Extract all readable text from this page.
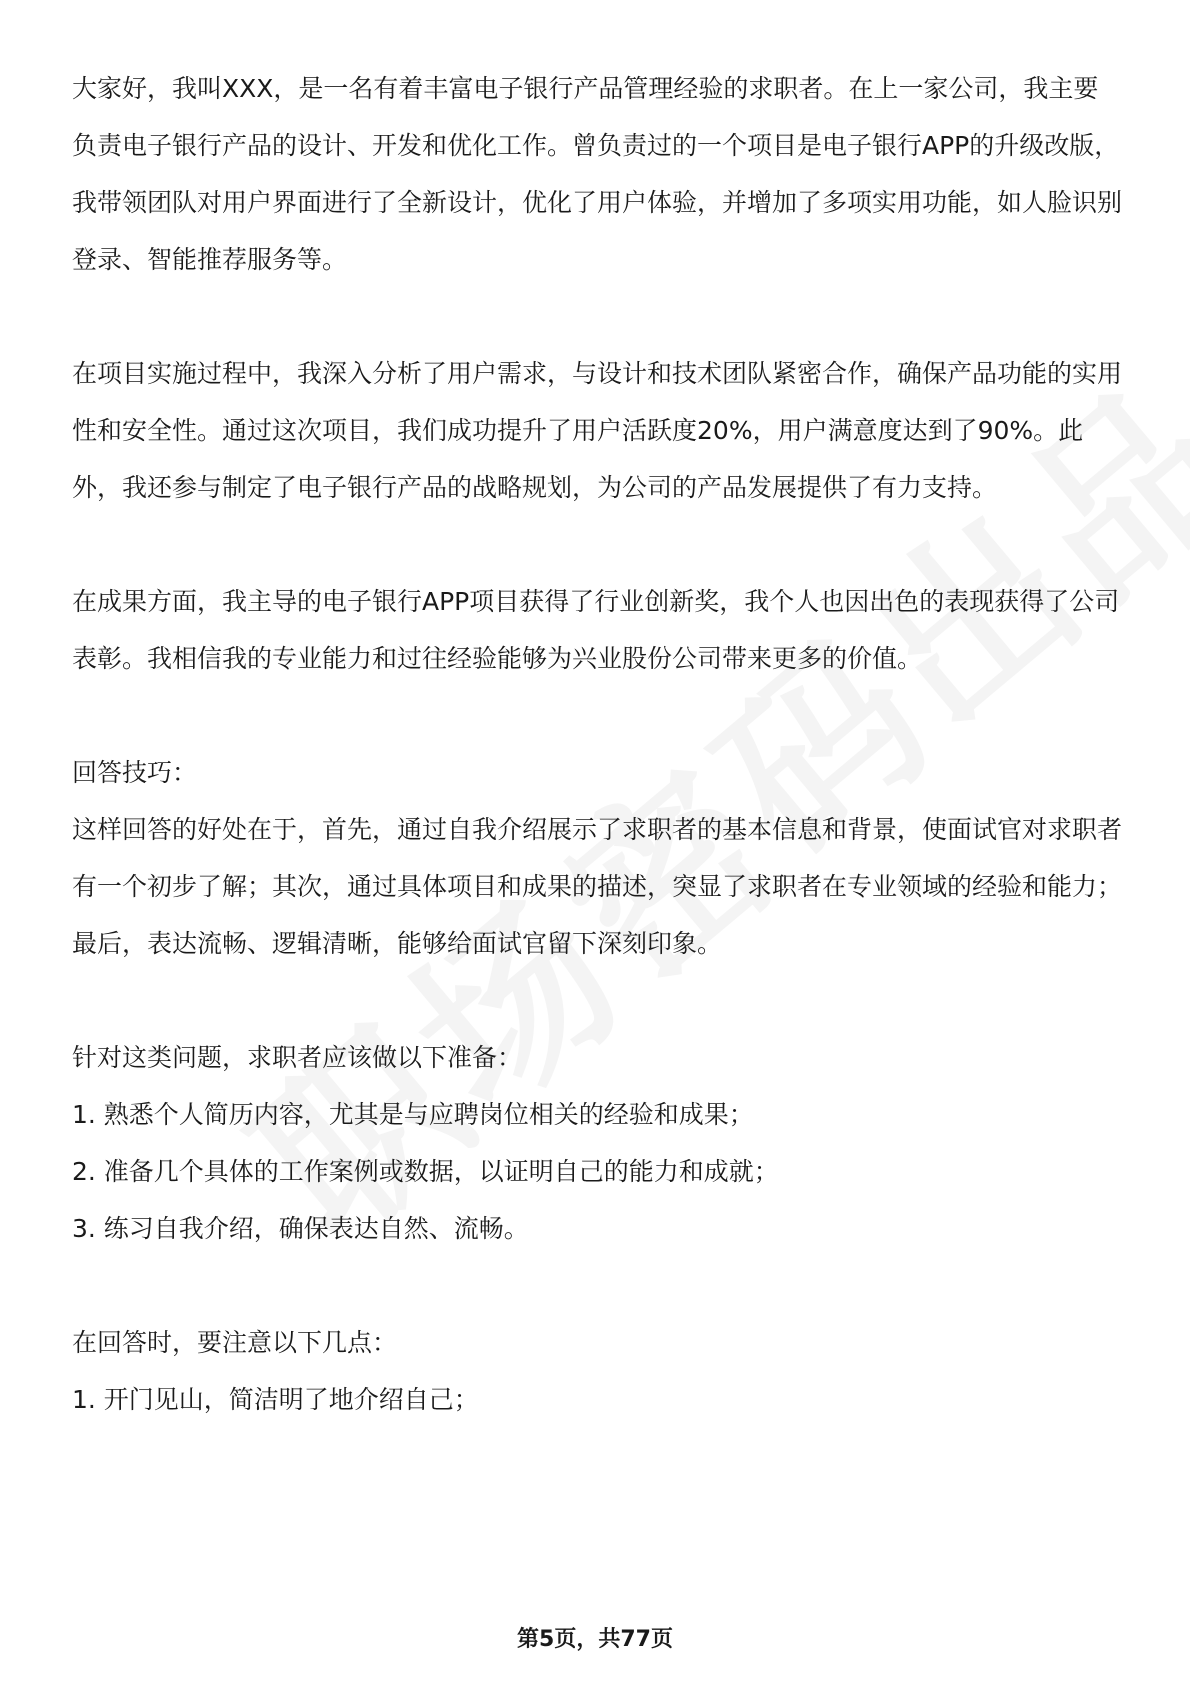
大家好，我叫XXX，是一名有着丰富电子银行产品管理经验的求职者。在上一家公司，我主要负责电子银行产品的设计、开发和优化工作。曾负责过的一个项目是电子银行APP的升级改版，我带领团队对用户界面进行了全新设计，优化了用户体验，并增加了多项实用功能，如人脸识别登录、智能推荐服务等。

在项目实施过程中，我深入分析了用户需求，与设计和技术团队紧密合作，确保产品功能的实用性和安全性。通过这次项目，我们成功提升了用户活跃度20%，用户满意度达到了90%。此外，我还参与制定了电子银行产品的战略规划，为公司的产品发展提供了有力支持。

在成果方面，我主导的电子银行APP项目获得了行业创新奖，我个人也因出色的表现获得了公司表彰。我相信我的专业能力和过往经验能够为兴业股份公司带来更多的价值。

回答技巧：

这样回答的好处在于，首先，通过自我介绍展示了求职者的基本信息和背景，使面试官对求职者有一个初步了解；其次，通过具体项目和成果的描述，突显了求职者在专业领域的经验和能力；最后，表达流畅、逻辑清晰，能够给面试官留下深刻印象。

针对这类问题，求职者应该做以下准备：

1. 熟悉个人简历内容，尤其是与应聘岗位相关的经验和成果；

2. 准备几个具体的工作案例或数据，以证明自己的能力和成就；

3. 练习自我介绍，确保表达自然、流畅。

在回答时，要注意以下几点：

1. 开门见山，简洁明了地介绍自己；

第5页，共77页
